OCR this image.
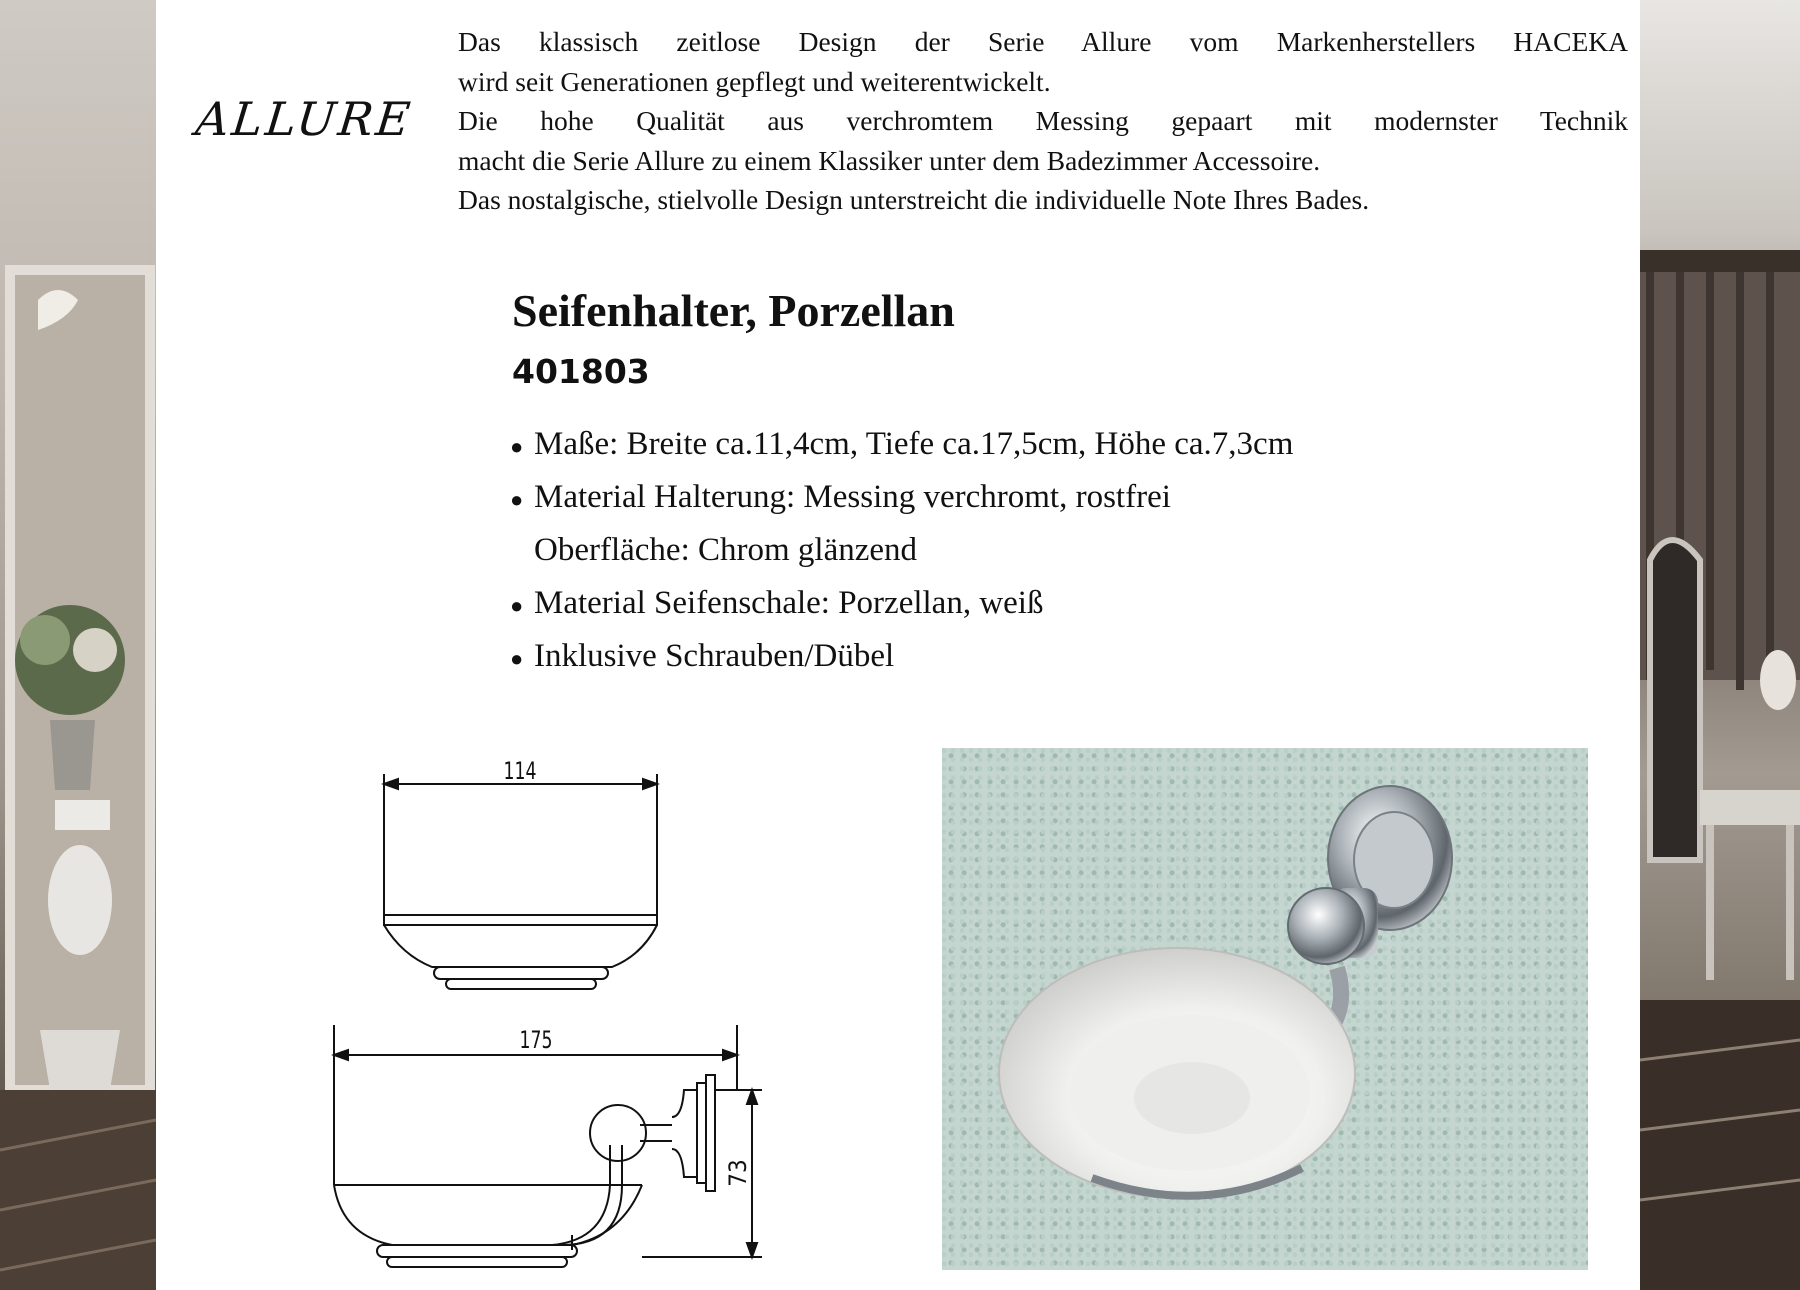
ALLURE

Das klassisch zeitlose Design der Serie Allure vom Markenherstellers HACEKA

wird seit Generationen gepflegt und weiterentwickelt.

Die hohe Qualität aus verchromtem Messing gepaart mit modernster Technik

macht die Serie Allure zu einem Klassiker unter dem Badezimmer Accessoire.

Das nostalgische, stielvolle Design unterstreicht die individuelle Note Ihres Bades.

Seifenhalter, Porzellan
401803
● Maße: Breite ca.11,4cm, Tiefe ca.17,5cm, Höhe ca.7,3cm
● Material Halterung: Messing verchromt, rostfrei
Oberfläche: Chrom glänzend
● Material Seifenschale: Porzellan, weiß
● Inklusive Schrauben/Dübel
114
175
73
